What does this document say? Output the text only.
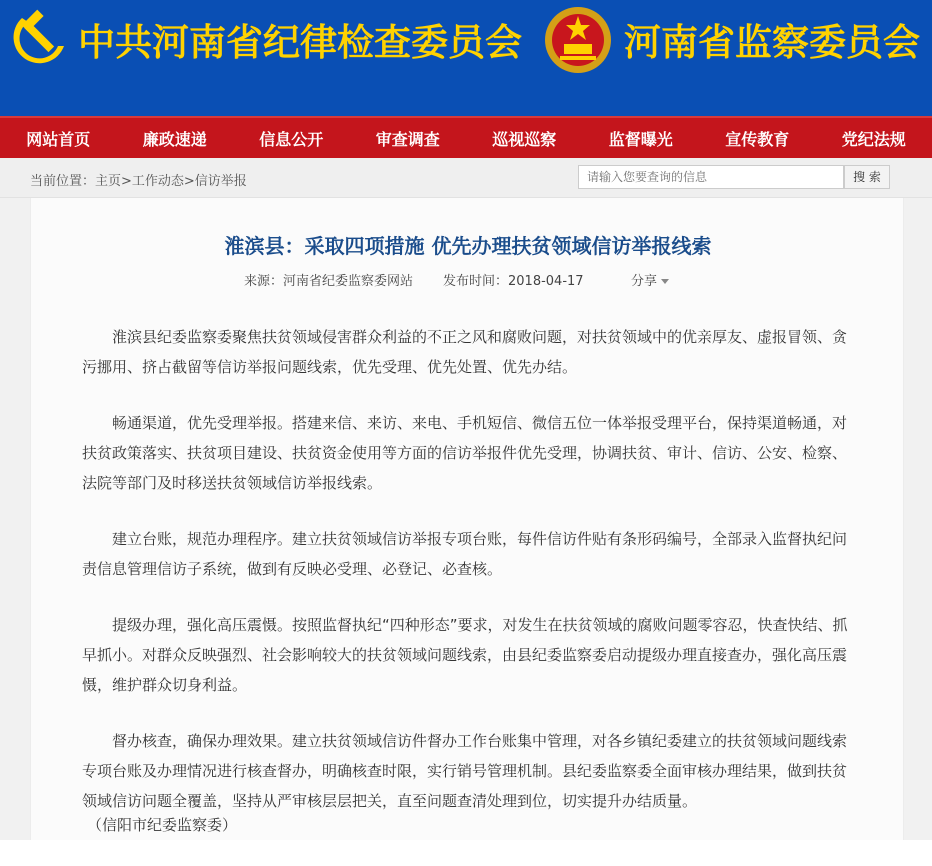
中共河南省纪律检查委员会	河南省监察委员会
网站首页	廉政速递	信息公开	审查调查	巡视巡察	监督曝光	宣传教育	党纪法规
当前位置：主页>工作动态>信访举报
请输入您要查询的信息	搜 索
淮滨县：采取四项措施 优先办理扶贫领域信访举报线索
来源：河南省纪委监察委网站 发布时间：2018-04-17	分享

淮滨县纪委监察委聚焦扶贫领域侵害群众利益的不正之风和腐败问题，对扶贫领域中的优亲厚友、虚报冒领、贪污挪用、挤占截留等信访举报问题线索，优先受理、优先处置、优先办结。

畅通渠道，优先受理举报。搭建来信、来访、来电、手机短信、微信五位一体举报受理平台，保持渠道畅通，对扶贫政策落实、扶贫项目建设、扶贫资金使用等方面的信访举报件优先受理，协调扶贫、审计、信访、公安、检察、法院等部门及时移送扶贫领域信访举报线索。

建立台账，规范办理程序。建立扶贫领域信访举报专项台账，每件信访件贴有条形码编号，全部录入监督执纪问责信息管理信访子系统，做到有反映必受理、必登记、必查核。

提级办理，强化高压震慑。按照监督执纪“四种形态”要求，对发生在扶贫领域的腐败问题零容忍，快查快结、抓早抓小。对群众反映强烈、社会影响较大的扶贫领域问题线索，由县纪委监察委启动提级办理直接查办，强化高压震慑，维护群众切身利益。

督办核查，确保办理效果。建立扶贫领域信访件督办工作台账集中管理，对各乡镇纪委建立的扶贫领域问题线索专项台账及办理情况进行核查督办，明确核查时限，实行销号管理机制。县纪委监察委全面审核办理结果，做到扶贫领域信访问题全覆盖，坚持从严审核层层把关，直至问题查清处理到位，切实提升办结质量。

（信阳市纪委监察委）
